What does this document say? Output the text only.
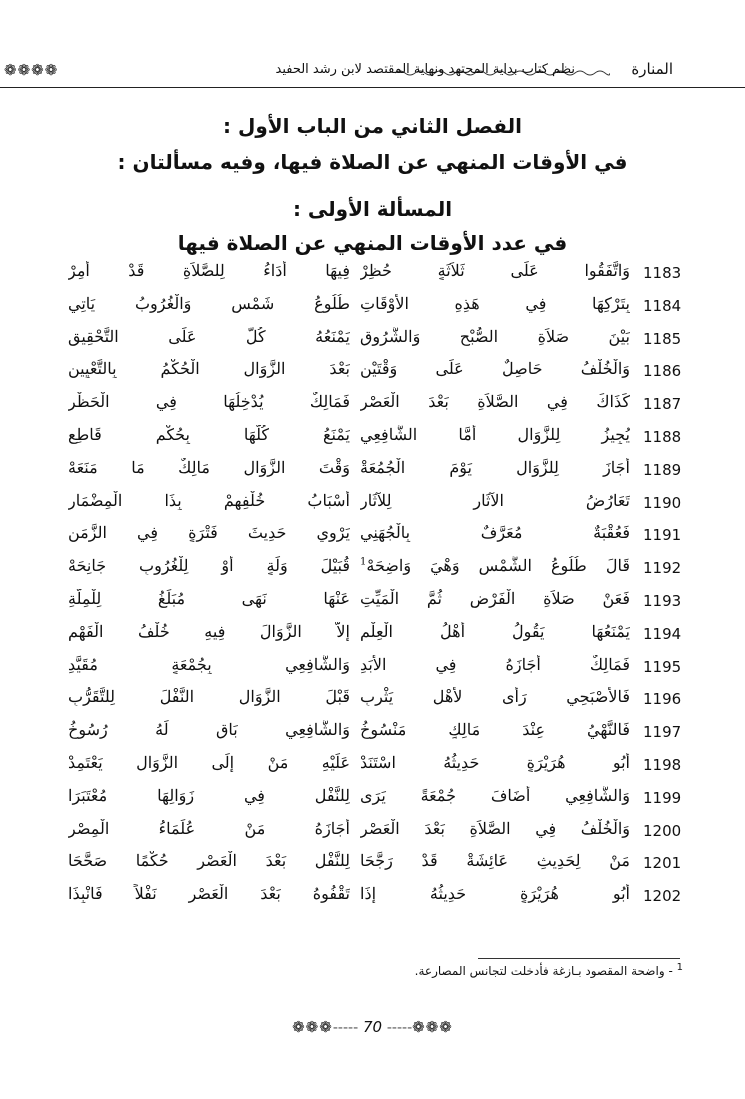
المنارة
نظم كتاب بداية المجتهد ونهاية المقتصد لابن رشد الحفيد
❁❁❁❁
الفصل الثاني من الباب الأول :
في الأوقات المنهي عن الصلاة فيها، وفيه مسألتان :
المسألة الأولى :
في عدد الأوقات المنهي عن الصلاة فيها
1183
وَاتَّفَقُوا عَلَى ثَلاَثَةٍ حُظِرْ
فِيهَا أَدَاءُ لِلصَّلاَةِ قَدْ أُمِرْ
1184
بِتَرْكِهَا فِي هَذِهِ الأَوْقَاتِ
طُلُوعُ شَمْسٍ وَالْغُرُوبُ يَاتِي
1185
بَيْنَ صَلاَةِ الصُّبْحِ وَالشُّرُوقِ
يَمْنَعُهُ كُلٌّ عَلَى التَّحْقِيقِ
1186
وَالْخُلْفُ حَاصِلٌ عَلَى وَقْتَيْنِ
بَعْدَ الزَّوَالِ الْحُكْمُ بِالتَّعْيِينِ
1187
كَذَاكَ فِي الصَّلاَةِ بَعْدَ الْعَصْرِ
فَمَالِكٌ يُدْخِلُهَا فِي الْحَظْرِ
1188
يُجِيزُ لِلزَّوَالِ أَمَّا الشَّافِعِي
يَمْنَعُ كُلَّهَا بِحُكْمٍ قَاطِعِ
1189
أَجَازَ لِلزَّوَالِ يَوْمَ الْجُمُعَةْ
وَقْتَ الزَّوَالِ مَالِكٌ مَا مَنَعَهْ
1190
تَعَارُضُ الآثَارِ لِلآثَارِ
أَسْبَابُ خُلْفِهِمْ بِذَا الْمِضْمَارِ
1191
فَعُقْبَةٌ مُعَرَّفٌ بِالْجُهَنِي
يَرْوِي حَدِيثَ فَتْرَةٍ فِي الزَّمَنِ
1192
قَالَ طُلُوعُ الشَّمْسِ وَهْيَ وَاضِحَهْ$^1$
قُبَيْلَ وَلَةٍ أَوْ لِلْغُرُوبِ جَانِحَهْ
1193
فَعَنْ صَلاَةِ الْفَرْضِ ثُمَّ الْمَيِّتِ
عَنْهَا نَهَى مُبَلِّغُ لِلْمِلَّةِ
1194
يَمْنَعُهَا يَقُولُ أَهْلُ الْعِلْمِ
إِلاَّ الزَّوَالَ فِيهِ خُلْفُ الْفَهْمِ
1195
فَمَالِكٌ أَجَازَهُ فِي الأَبَدِ
وَالشَّافِعِي بِجُمْعَةٍ مُقَيَّدِ
1196
فَالأَصْبَحِي رَأَى لأَهْلِ يَثْرِبِ
قَبْلَ الزَّوَالِ النَّفْلَ لِلتَّقَرُّبِ
1197
فَالنَّهْيُ عِنْدَ مَالِكٍ مَنْسُوخُ
وَالشَّافِعِي بَاقٍ لَهُ رُسُوخُ
1198
أَبُو هُرَيْرَةٍ حَدِيثُهُ اسْتَنَدْ
عَلَيْهِ مَنْ إِلَى الزَّوَالِ يَعْتَمِدْ
1199
وَالشَّافِعِي أَضَافَ جُمْعَةً يَرَى
لِلنَّفْلِ فِي زَوَالِهَا مُعْتَبَرَا
1200
وَالْخُلْفُ فِي الصَّلاَةِ بَعْدَ الْعَصْرِ
أَجَازَهُ مَنْ عُلَمَاءُ الْمِصْرِ
1201
مَنْ لِحَدِيثِ عَائِشَةْ قَدْ رَجَّحَا
لِلنَّفْلِ بَعْدَ الْعَصْرِ حُكْمًا صَحَّحَا
1202
أَبُو هُرَيْرَةٍ حَدِيثُهُ إِذَا
تَقْفُوهُ بَعْدَ الْعَصْرِ نَفْلاً فَانْبِذَا
$^1$ - واضحة المقصود بـازغة فأدخلت لتجانس المصارعة.
❁❁❁----- 70 -----❁❁❁
